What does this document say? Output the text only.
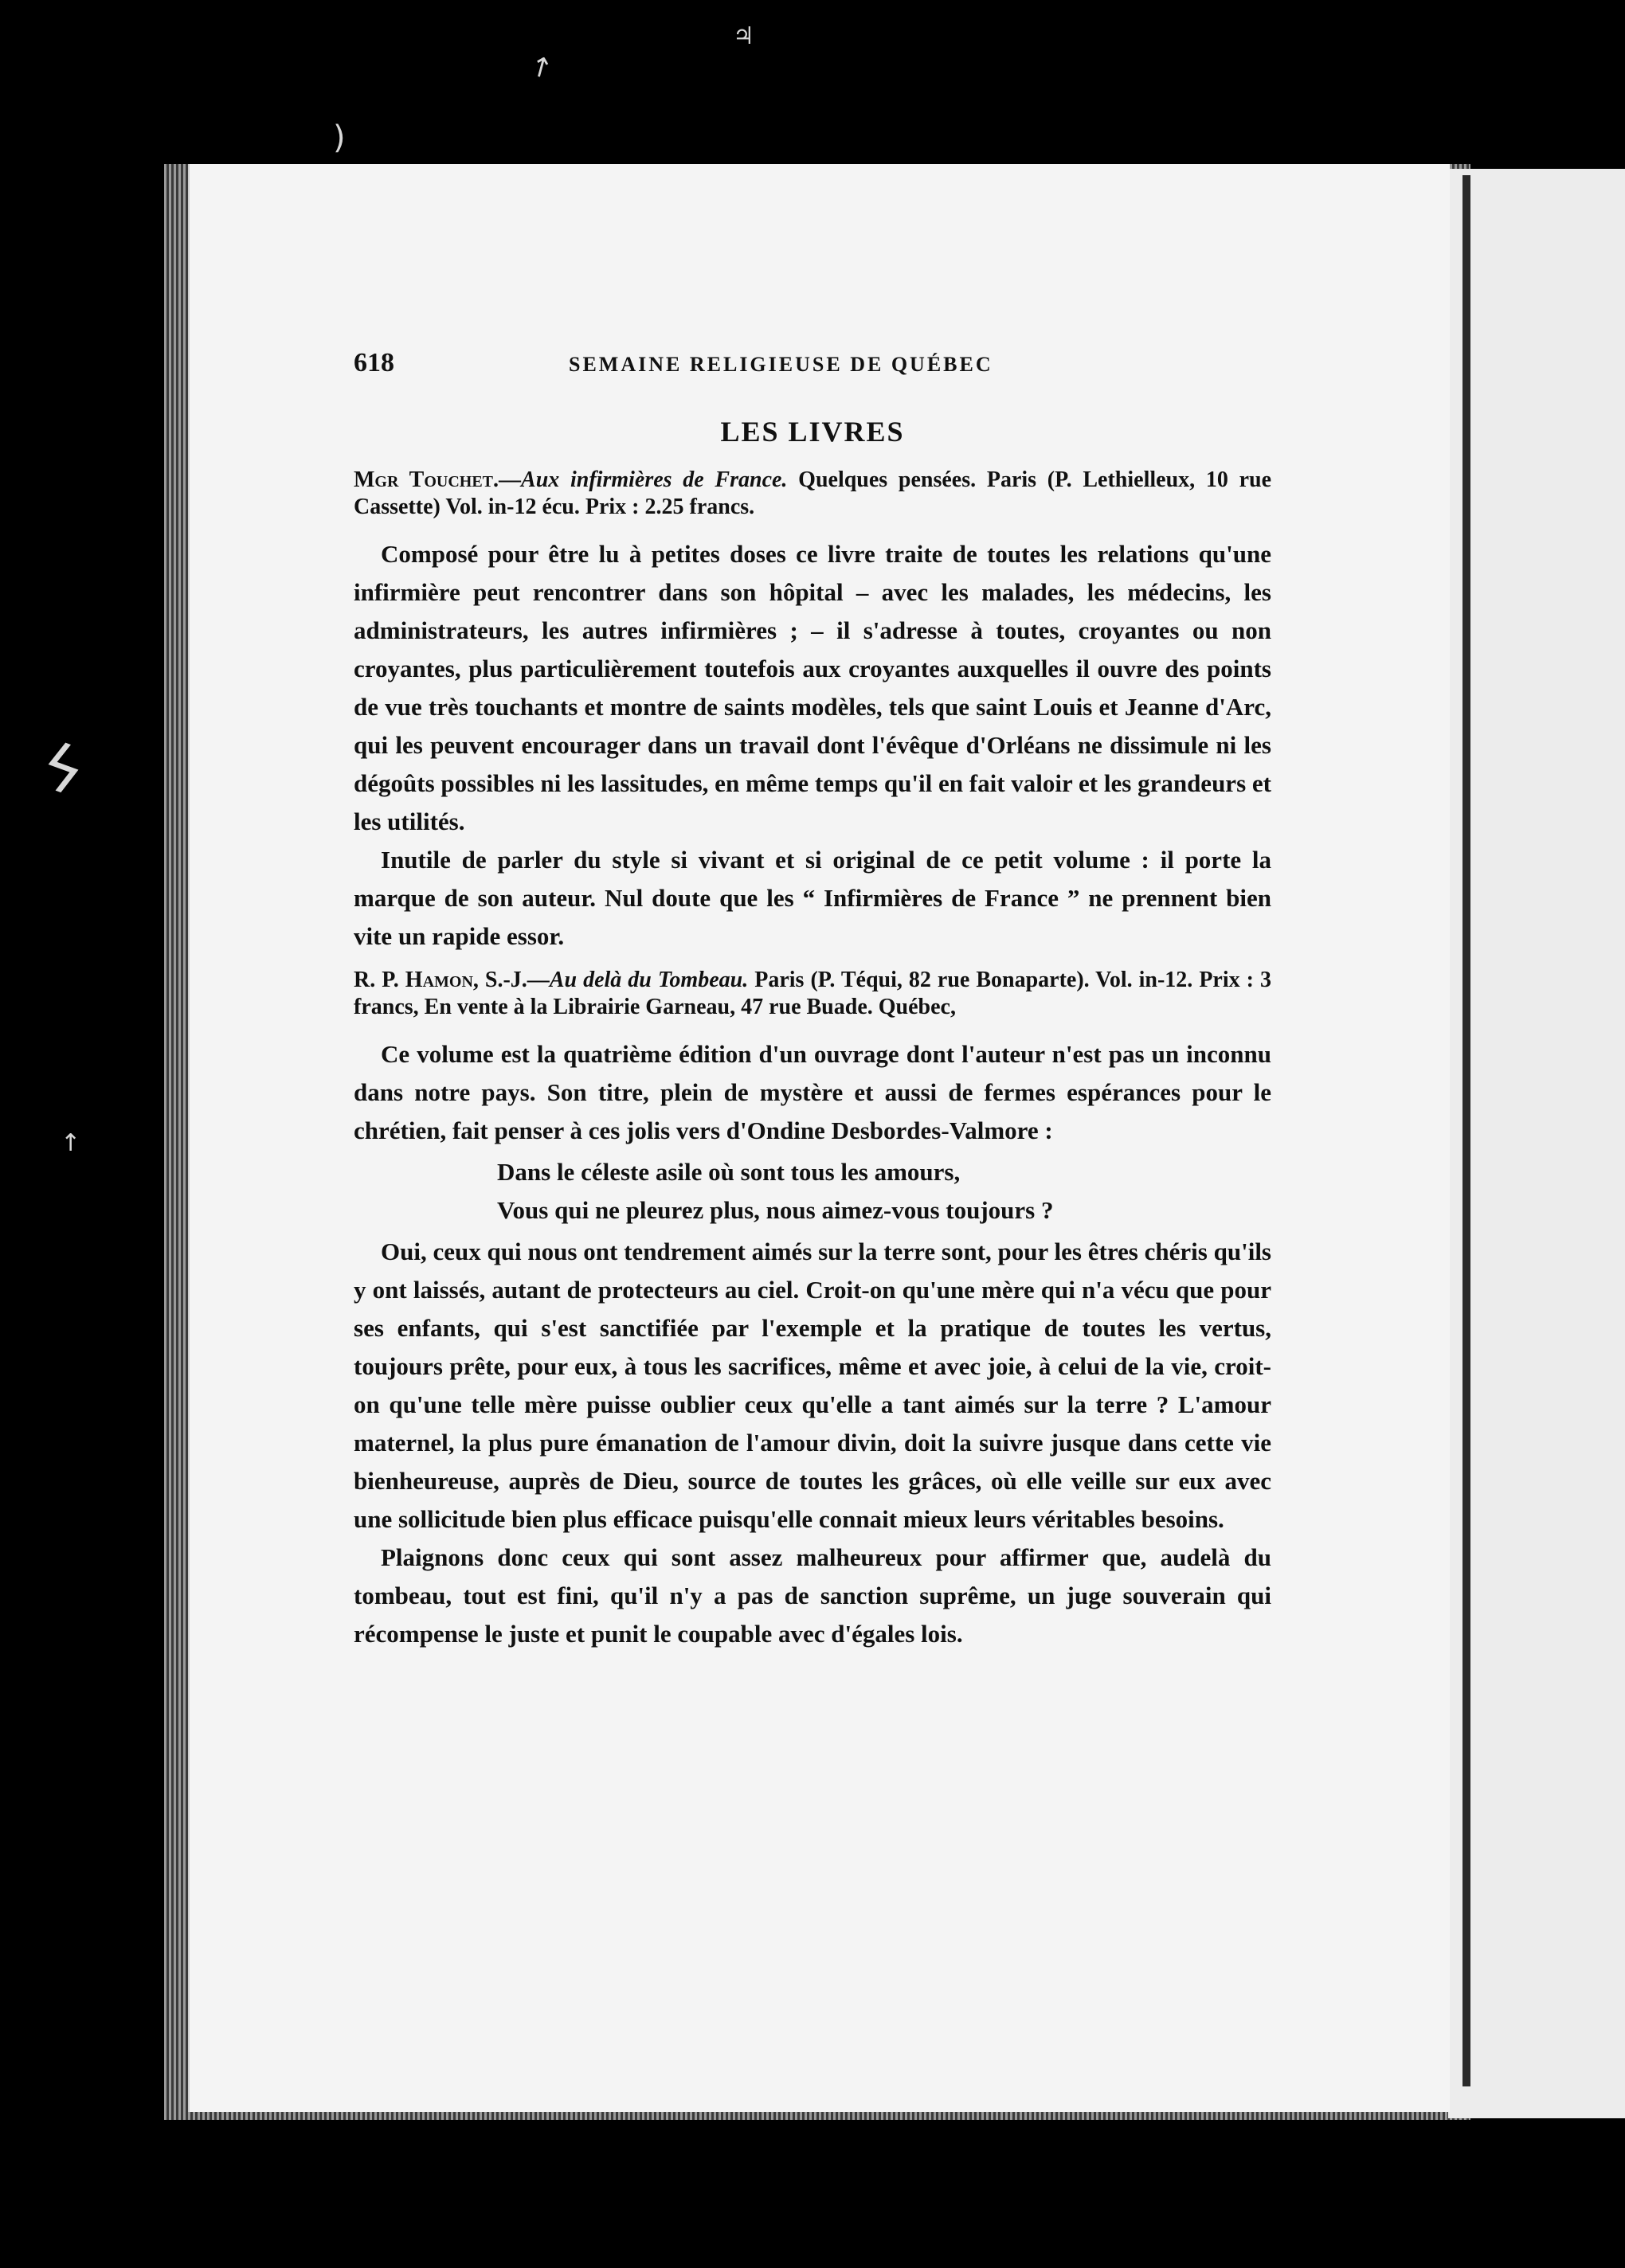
♃
↗
)
ϟ
↑
618	SEMAINE RELIGIEUSE DE QUÉBEC
LES LIVRES
Mgr Touchet.—Aux infirmières de France. Quelques pensées. Paris (P. Lethielleux, 10 rue Cassette) Vol. in-12 écu. Prix : 2.25 francs.

Composé pour être lu à petites doses ce livre traite de toutes les relations qu'une infirmière peut rencontrer dans son hôpital – avec les malades, les médecins, les administrateurs, les autres infirmières ; – il s'adresse à toutes, croyantes ou non croyantes, plus particulièrement toutefois aux croyantes auxquelles il ouvre des points de vue très touchants et montre de saints modèles, tels que saint Louis et Jeanne d'Arc, qui les peuvent encourager dans un travail dont l'évêque d'Orléans ne dissimule ni les dégoûts possibles ni les lassitudes, en même temps qu'il en fait valoir et les grandeurs et les utilités.

Inutile de parler du style si vivant et si original de ce petit volume : il porte la marque de son auteur. Nul doute que les “ Infirmières de France ” ne prennent bien vite un rapide essor.

R. P. Hamon, S.-J.—Au delà du Tombeau. Paris (P. Téqui, 82 rue Bonaparte). Vol. in-12. Prix : 3 francs, En vente à la Librairie Garneau, 47 rue Buade. Québec,

Ce volume est la quatrième édition d'un ouvrage dont l'auteur n'est pas un inconnu dans notre pays. Son titre, plein de mystère et aussi de fermes espérances pour le chrétien, fait penser à ces jolis vers d'Ondine Desbordes-Valmore :

Dans le céleste asile où sont tous les amours,
Vous qui ne pleurez plus, nous aimez-vous toujours ?

Oui, ceux qui nous ont tendrement aimés sur la terre sont, pour les êtres chéris qu'ils y ont laissés, autant de protecteurs au ciel. Croit-on qu'une mère qui n'a vécu que pour ses enfants, qui s'est sanctifiée par l'exemple et la pratique de toutes les vertus, toujours prête, pour eux, à tous les sacrifices, même et avec joie, à celui de la vie, croit-on qu'une telle mère puisse oublier ceux qu'elle a tant aimés sur la terre ? L'amour maternel, la plus pure émanation de l'amour divin, doit la suivre jusque dans cette vie bienheureuse, auprès de Dieu, source de toutes les grâces, où elle veille sur eux avec une sollicitude bien plus efficace puisqu'elle connait mieux leurs véritables besoins.

Plaignons donc ceux qui sont assez malheureux pour affirmer que, audelà du tombeau, tout est fini, qu'il n'y a pas de sanction suprême, un juge souverain qui récompense le juste et punit le coupable avec d'égales lois.
